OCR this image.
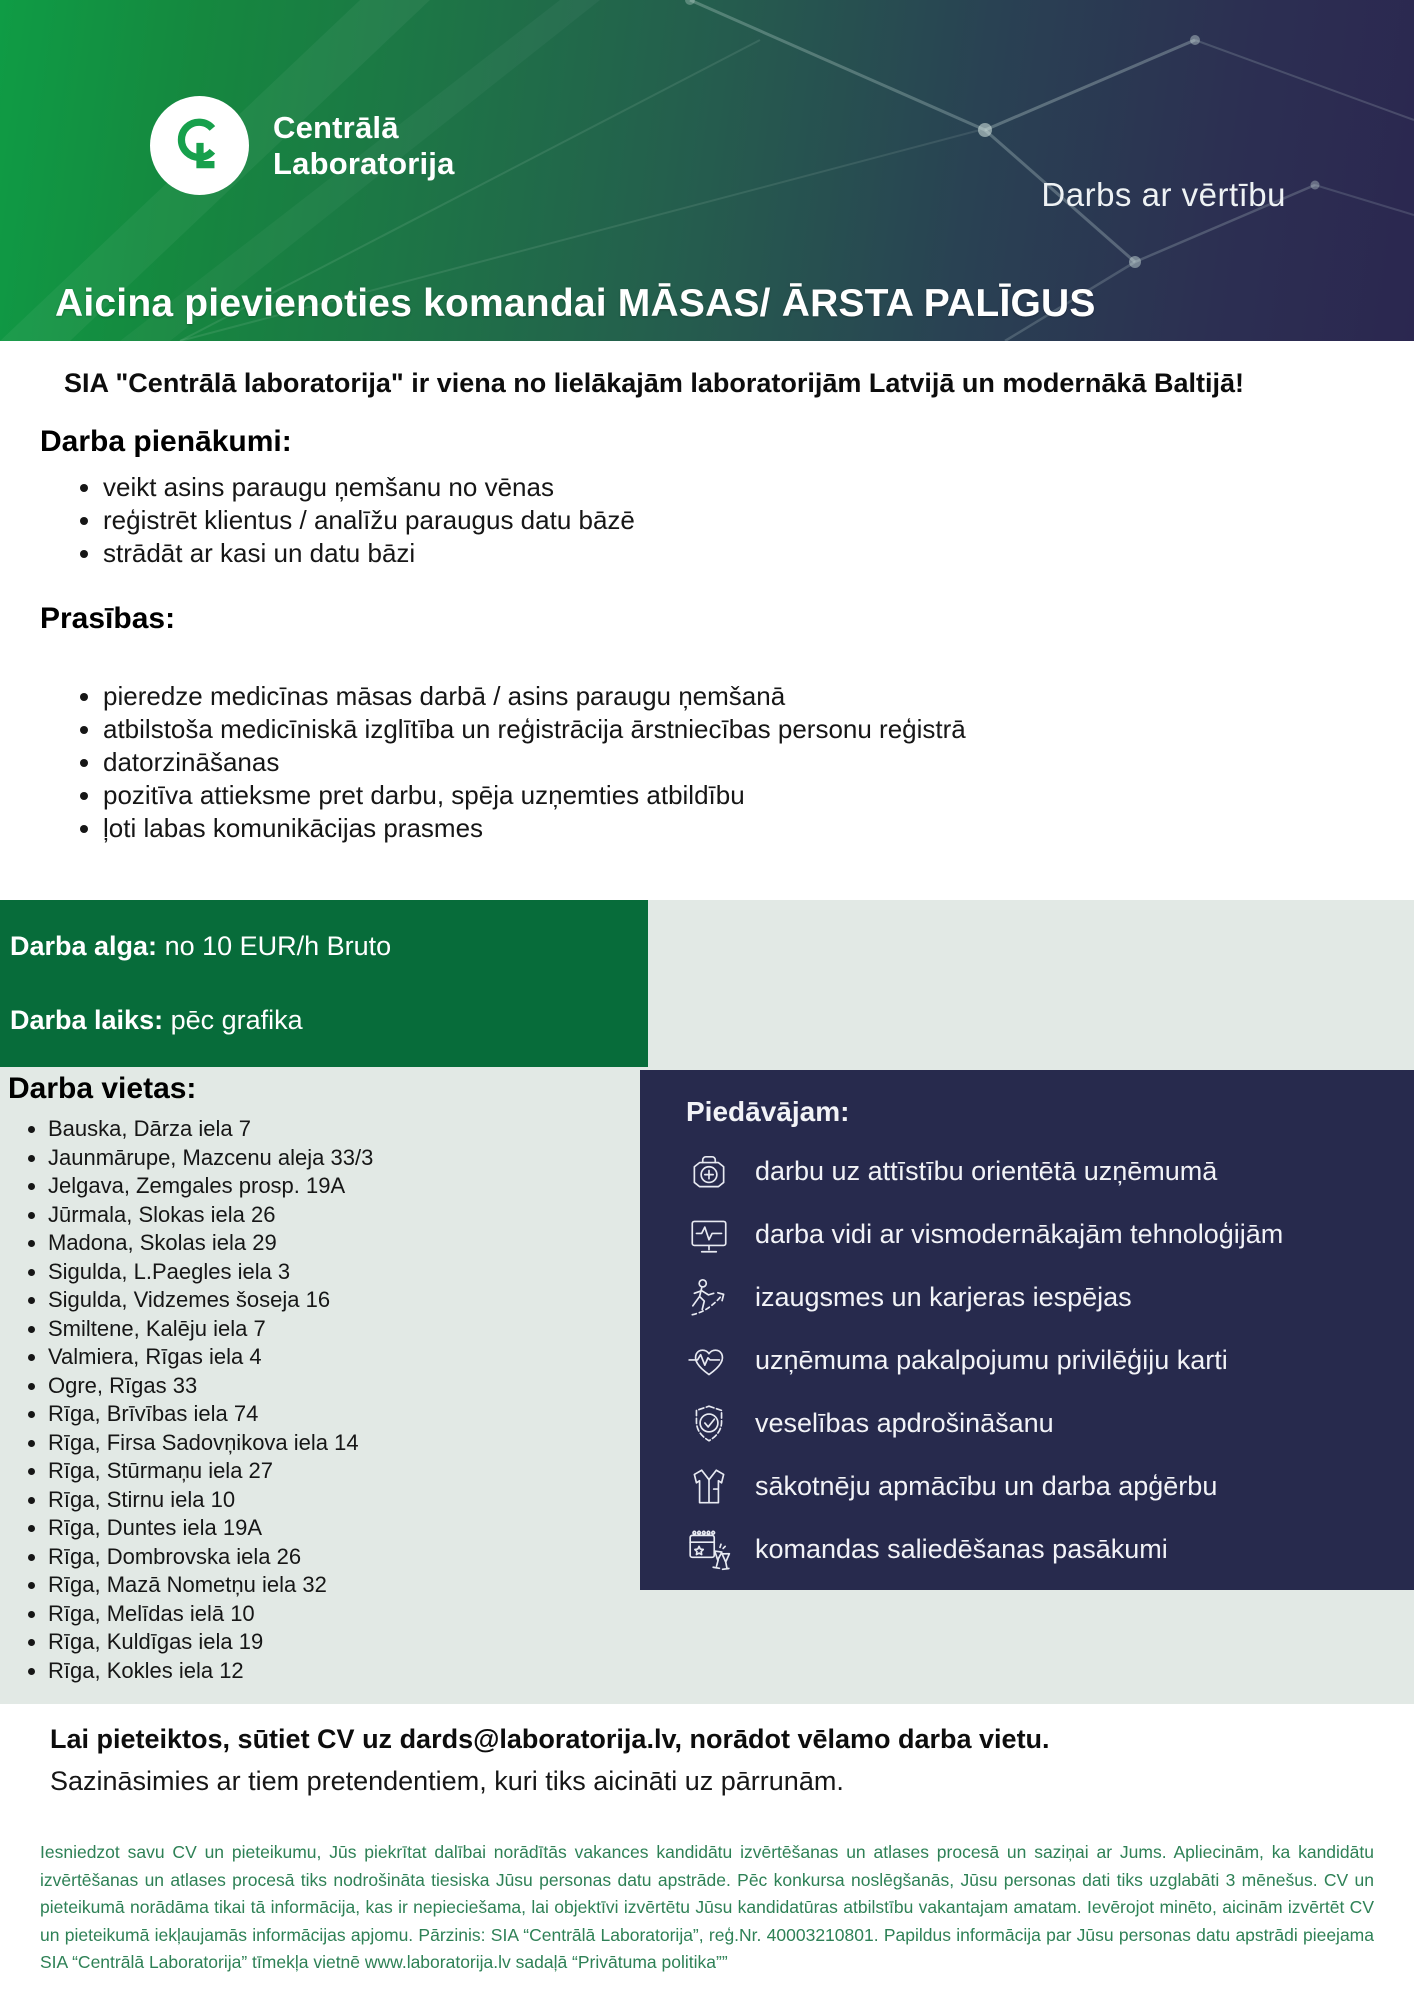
Centrālā
Laboratorija
Darbs ar vērtību
Aicina pievienoties komandai MĀSAS/ ĀRSTA PALĪGUS
SIA "Centrālā laboratorija" ir viena no lielākajām laboratorijām Latvijā un modernākā Baltijā!
Darba pienākumi:
• veikt asins paraugu ņemšanu no vēnas
• reģistrēt klientus / analīžu paraugus datu bāzē
• strādāt ar kasi un datu bāzi
Prasības:
• pieredze medicīnas māsas darbā / asins paraugu ņemšanā
• atbilstoša medicīniskā izglītība un reģistrācija ārstniecības personu reģistrā
• datorzināšanas
• pozitīva attieksme pret darbu, spēja uzņemties atbildību
• ļoti labas komunikācijas prasmes
Darba alga: no 10 EUR/h Bruto
Darba laiks: pēc grafika
Darba vietas:
• Bauska, Dārza iela 7
• Jaunmārupe, Mazcenu aleja 33/3
• Jelgava, Zemgales prosp. 19A
• Jūrmala, Slokas iela 26
• Madona, Skolas iela 29
• Sigulda, L.Paegles iela 3
• Sigulda, Vidzemes šoseja 16
• Smiltene, Kalēju iela 7
• Valmiera, Rīgas iela 4
• Ogre, Rīgas 33
• Rīga, Brīvības iela 74
• Rīga, Firsa Sadovņikova iela 14
• Rīga, Stūrmaņu iela 27
• Rīga, Stirnu iela 10
• Rīga, Duntes iela 19A
• Rīga, Dombrovska iela 26
• Rīga, Mazā Nometņu iela 32
• Rīga, Melīdas ielā 10
• Rīga, Kuldīgas iela 19
• Rīga, Kokles iela 12
Piedāvājam:
darbu uz attīstību orientētā uzņēmumā
darba vidi ar vismodernākajām tehnoloģijām
izaugsmes un karjeras iespējas
uzņēmuma pakalpojumu privilēģiju karti
veselības apdrošināšanu
sākotnēju apmācību un darba apģērbu
komandas saliedēšanas pasākumi
Lai pieteiktos, sūtiet CV uz dards@laboratorija.lv, norādot vēlamo darba vietu.
Sazināsimies ar tiem pretendentiem, kuri tiks aicināti uz pārrunām.

Iesniedzot savu CV un pieteikumu, Jūs piekrītat dalībai norādītās vakances kandidātu izvērtēšanas un atlases procesā un saziņai ar Jums. Apliecinām, ka kandidātu izvērtēšanas un atlases procesā tiks nodrošināta tiesiska Jūsu personas datu apstrāde. Pēc konkursa noslēgšanās, Jūsu personas dati tiks uzglabāti 3 mēnešus. CV un pieteikumā norādāma tikai tā informācija, kas ir nepieciešama, lai objektīvi izvērtētu Jūsu kandidatūras atbilstību vakantajam amatam. Ievērojot minēto, aicinām izvērtēt CV un pieteikumā iekļaujamās informācijas apjomu. Pārzinis: SIA “Centrālā Laboratorija”, reģ.Nr. 40003210801. Papildus informācija par Jūsu personas datu apstrādi pieejama SIA “Centrālā Laboratorija” tīmekļa vietnē www.laboratorija.lv sadaļā “Privātuma politika””
